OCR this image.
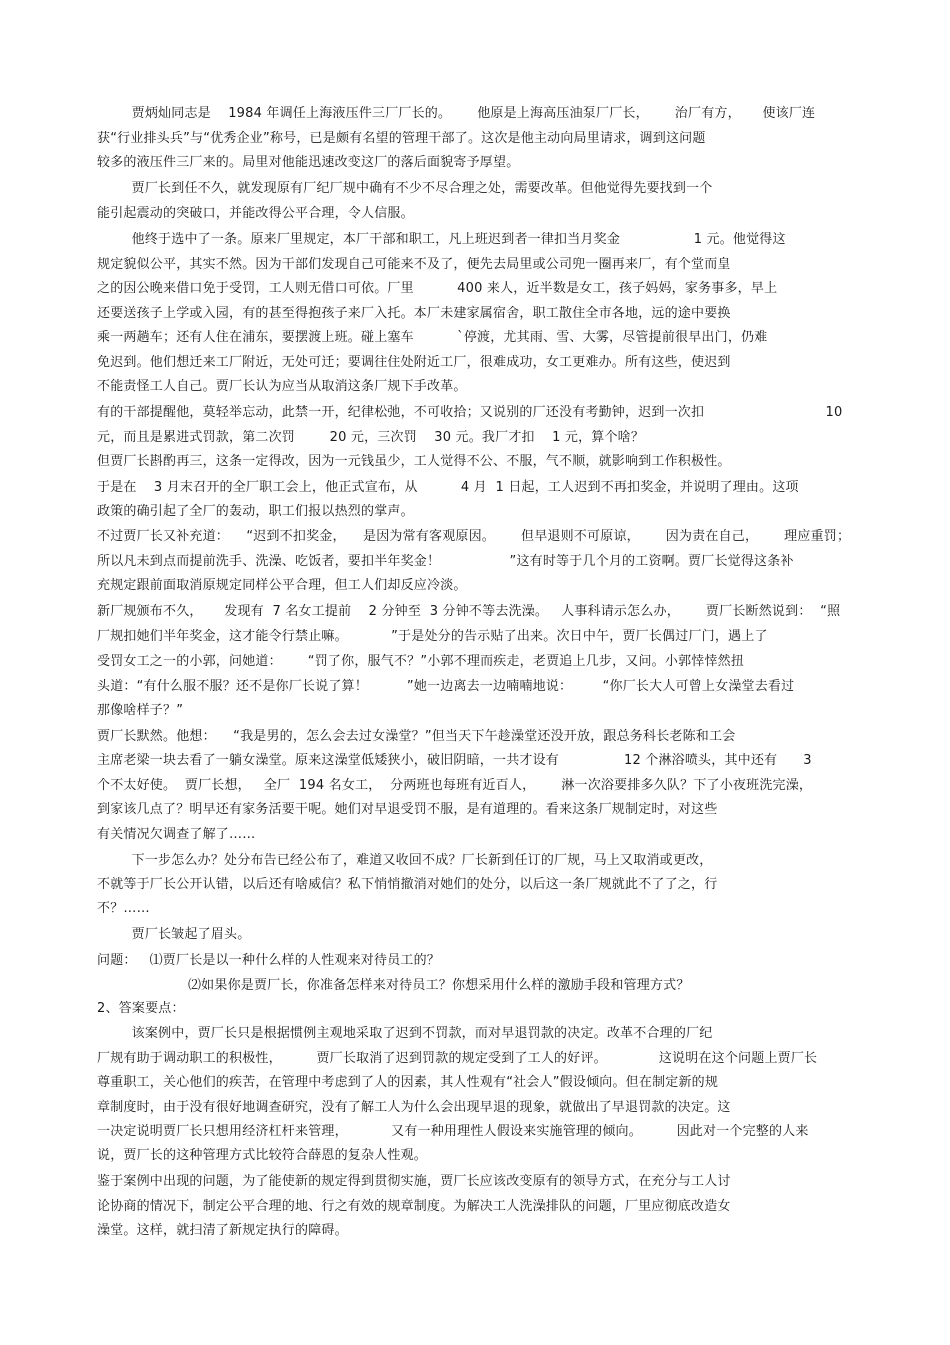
贾炳灿同志是    1984 年调任上海液压件三厂厂长的。      他原是上海高压油泵厂厂长，      治厂有方，     使该厂连
获“行业排头兵”与“优秀企业”称号，已是颇有名望的管理干部了。这次是他主动向局里请求，调到这问题
较多的液压件三厂来的。局里对他能迅速改变这厂的落后面貌寄予厚望。
贾厂长到任不久，就发现原有厂纪厂规中确有不少不尽合理之处，需要改革。但他觉得先要找到一个
能引起震动的突破口，并能改得公平合理，令人信服。
他终于选中了一条。原来厂里规定，本厂干部和职工，凡上班迟到者一律扣当月奖金                 1 元。他觉得这
规定貌似公平，其实不然。因为干部们发现自己可能来不及了，便先去局里或公司兜一圈再来厂，有个堂而皇
之的因公晚来借口免于受罚，工人则无借口可依。厂里          400 来人，近半数是女工，孩子妈妈，家务事多，早上
还要送孩子上学或入园，有的甚至得抱孩子来厂入托。本厂未建家属宿舍，职工散住全市各地，远的途中要换
乘一两趟车；还有人住在浦东，要摆渡上班。碰上塞车          `停渡，尤其雨、雪、大雾，尽管提前很早出门，仍难
免迟到。他们想迁来工厂附近，无处可迁；要调往住处附近工厂，很难成功，女工更难办。所有这些，使迟到
不能责怪工人自己。贾厂长认为应当从取消这条厂规下手改革。
有的干部提醒他，莫轻举忘动，此禁一开，纪律松弛，不可收拾；又说别的厂还没有考勤钟，迟到一次扣                            10
元，而且是累进式罚款，第二次罚        20 元，三次罚    30 元。我厂才扣    1 元，算个啥？
但贾厂长斟酌再三，这条一定得改，因为一元钱虽少，工人觉得不公、不服，气不顺，就影响到工作积极性。
于是在    3 月末召开的全厂职工会上，他正式宣布，从          4 月  1 日起，工人迟到不再扣奖金，并说明了理由。这项
政策的确引起了全厂的轰动，职工们报以热烈的掌声。
不过贾厂长又补充道：    “迟到不扣奖金，    是因为常有客观原因。      但早退则不可原谅，      因为责在自己，      理应重罚；
所以凡未到点而提前洗手、洗澡、吃饭者，要扣半年奖金！                ”这有时等于几个月的工资啊。贾厂长觉得这条补
充规定跟前面取消原规定同样公平合理，但工人们却反应冷淡。
新厂规颁布不久，     发现有  7 名女工提前    2 分钟至  3 分钟不等去洗澡。   人事科请示怎么办，      贾厂长断然说到：  “照
厂规扣她们半年奖金，这才能令行禁止嘛。          ”于是处分的告示贴了出来。次日中午，贾厂长偶过厂门，遇上了
受罚女工之一的小郭，问她道：      “罚了你，服气不？”小郭不理而疾走，老贾追上几步，又问。小郭悻悻然扭
头道：“有什么服不服？还不是你厂长说了算！         ”她一边离去一边喃喃地说：       “你厂长大人可曾上女澡堂去看过
那像啥样子？”
贾厂长默然。他想：    “我是男的，怎么会去过女澡堂？”但当天下午趁澡堂还没开放，跟总务科长老陈和工会
主席老梁一块去看了一躺女澡堂。原来这澡堂低矮狭小，破旧阴暗，一共才设有               12 个淋浴喷头，其中还有      3
个不太好使。  贾厂长想，   全厂  194 名女工，  分两班也每班有近百人，      淋一次浴要排多久队？下了小夜班洗完澡，
到家该几点了？明早还有家务活要干呢。她们对早退受罚不服，是有道理的。看来这条厂规制定时，对这些
有关情况欠调查了解了……
下一步怎么办？处分布告已经公布了，难道又收回不成？厂长新到任订的厂规，马上又取消或更改，
不就等于厂长公开认错，以后还有啥威信？私下悄悄撤消对她们的处分，以后这一条厂规就此不了了之，行
不？……
贾厂长皱起了眉头。
问题：   ⑴贾厂长是以一种什么样的人性观来对待员工的？
⑵如果你是贾厂长，你准备怎样来对待员工？你想采用什么样的激励手段和管理方式？
2、答案要点：
该案例中，贾厂长只是根据惯例主观地采取了迟到不罚款，而对早退罚款的决定。改革不合理的厂纪
厂规有助于调动职工的积极性，        贾厂长取消了迟到罚款的规定受到了工人的好评。            这说明在这个问题上贾厂长
尊重职工，关心他们的疾苦，在管理中考虑到了人的因素，其人性观有“社会人”假设倾向。但在制定新的规
章制度时，由于没有很好地调查研究，没有了解工人为什么会出现早退的现象，就做出了早退罚款的决定。这
一决定说明贾厂长只想用经济杠杆来管理，          又有一种用理性人假设来实施管理的倾向。        因此对一个完整的人来
说，贾厂长的这种管理方式比较符合薛恩的复杂人性观。
鉴于案例中出现的问题，为了能使新的规定得到贯彻实施，贾厂长应该改变原有的领导方式，在充分与工人讨
论协商的情况下，制定公平合理的地、行之有效的规章制度。为解决工人洗澡排队的问题，厂里应彻底改造女
澡堂。这样，就扫清了新规定执行的障碍。
